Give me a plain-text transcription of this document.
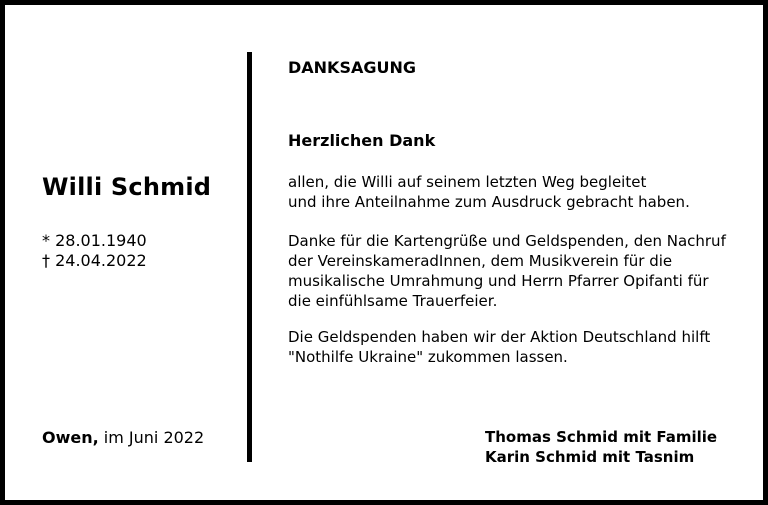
Willi Schmid
* 28.01.1940
† 24.04.2022
Owen, im Juni 2022
DANKSAGUNG
Herzlichen Dank
allen, die Willi auf seinem letzten Weg begleitet
und ihre Anteilnahme zum Ausdruck gebracht haben.
Danke für die Kartengrüße und Geldspenden, den Nachruf
der VereinskameradInnen, dem Musikverein für die
musikalische Umrahmung und Herrn Pfarrer Opifanti für
die einfühlsame Trauerfeier.
Die Geldspenden haben wir der Aktion Deutschland hilft
"Nothilfe Ukraine" zukommen lassen.
Thomas Schmid mit Familie
Karin Schmid mit Tasnim
